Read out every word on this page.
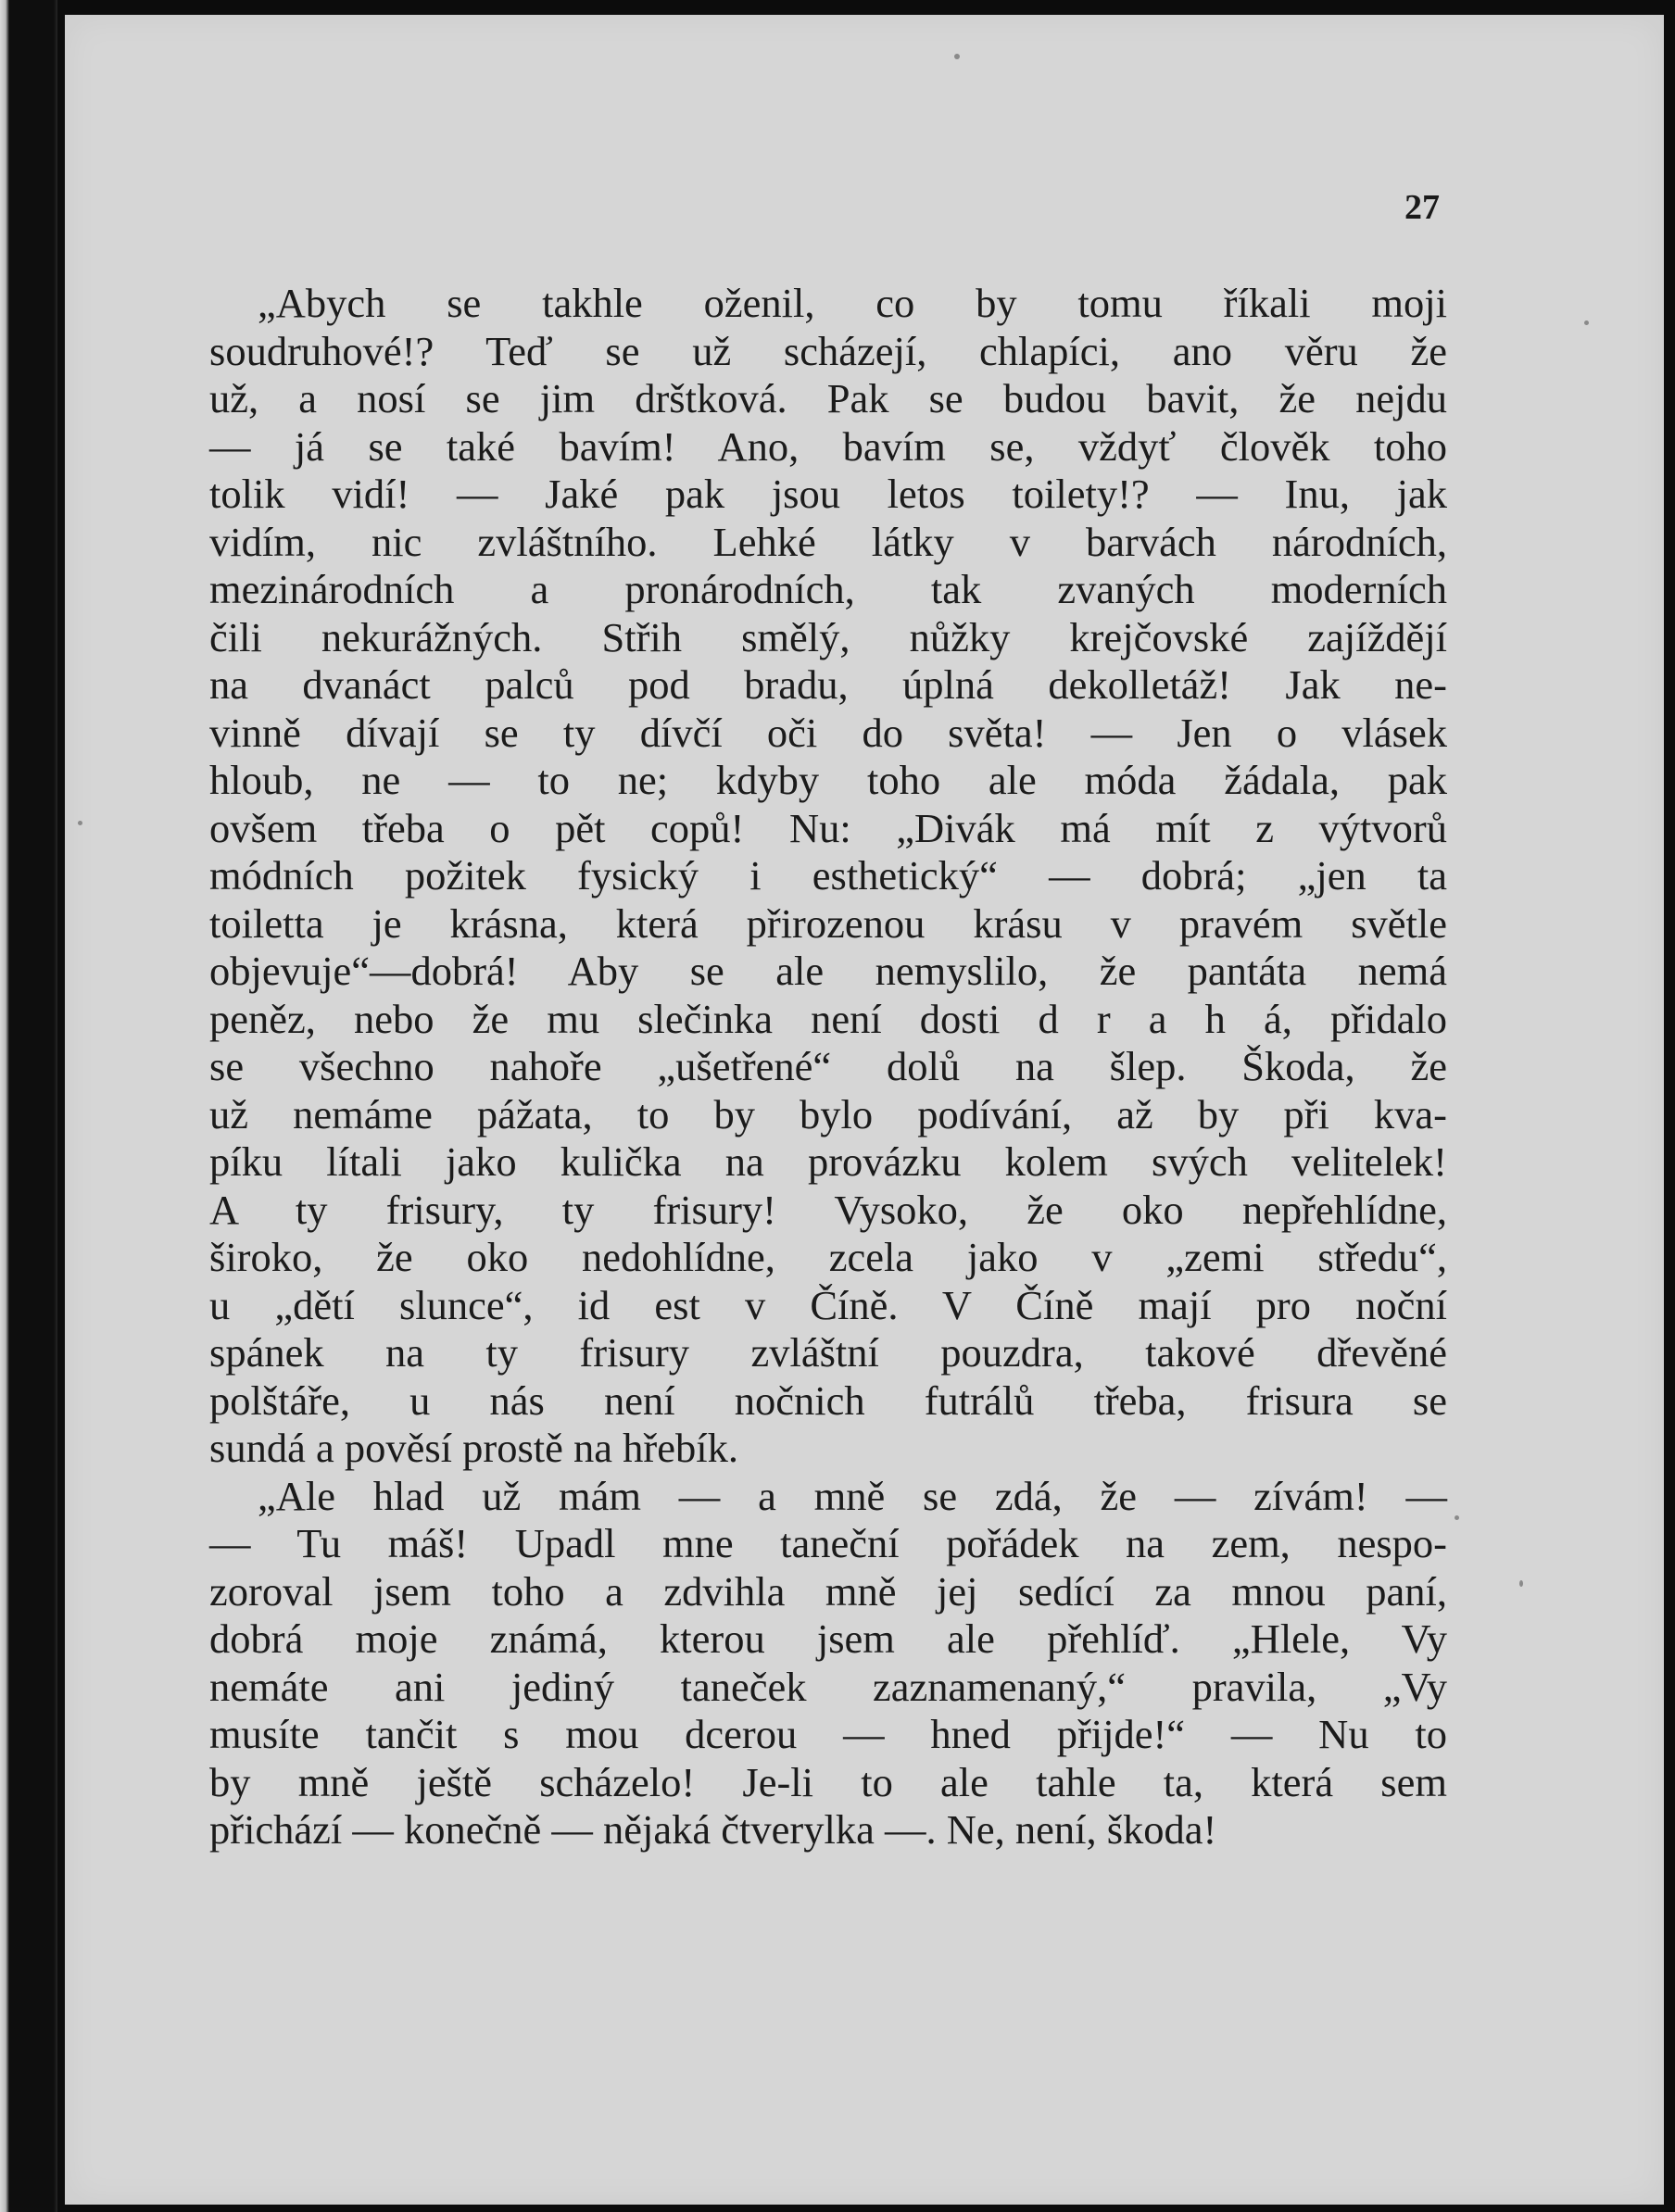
27
„Abych se takhle oženil, co by tomu říkali moji
soudruhové!? Teď se už scházejí, chlapíci, ano věru že
už, a nosí se jim drštková. Pak se budou bavit, že nejdu
— já se také bavím! Ano, bavím se, vždyť člověk toho
tolik vidí! — Jaké pak jsou letos toilety!? — Inu, jak
vidím, nic zvláštního. Lehké látky v barvách národních,
mezinárodních a pronárodních, tak zvaných moderních
čili nekurážných. Střih smělý, nůžky krejčovské zajíždějí
na dvanáct palců pod bradu, úplná dekolletáž! Jak ne-
vinně dívají se ty dívčí oči do světa! — Jen o vlásek
hloub, ne — to ne; kdyby toho ale móda žádala, pak
ovšem třeba o pět copů! Nu: „Divák má mít z výtvorů
módních požitek fysický i esthetický“ — dobrá; „jen ta
toiletta je krásna, která přirozenou krásu v pravém světle
objevuje“—dobrá! Aby se ale nemyslilo, že pantáta nemá
peněz, nebo že mu slečinka není dosti d r a h á, přidalo
se všechno nahoře „ušetřené“ dolů na šlep. Škoda, že
už nemáme pážata, to by bylo podívání, až by při kva-
píku lítali jako kulička na provázku kolem svých velitelek!
A ty frisury, ty frisury! Vysoko, že oko nepřehlídne,
široko, že oko nedohlídne, zcela jako v „zemi středu“,
u „dětí slunce“, id est v Číně. V Číně mají pro noční
spánek na ty frisury zvláštní pouzdra, takové dřevěné
polštáře, u nás není nočnich futrálů třeba, frisura se
sundá a pověsí prostě na hřebík.
„Ale hlad už mám — a mně se zdá, že — zívám! —
— Tu máš! Upadl mne taneční pořádek na zem, nespo-
zoroval jsem toho a zdvihla mně jej sedící za mnou paní,
dobrá moje známá, kterou jsem ale přehlíď. „Hlele, Vy
nemáte ani jediný taneček zaznamenaný,“ pravila, „Vy
musíte tančit s mou dcerou — hned přijde!“ — Nu to
by mně ještě scházelo! Je-li to ale tahle ta, která sem
přichází — konečně — nějaká čtverylka —. Ne, není, škoda!
